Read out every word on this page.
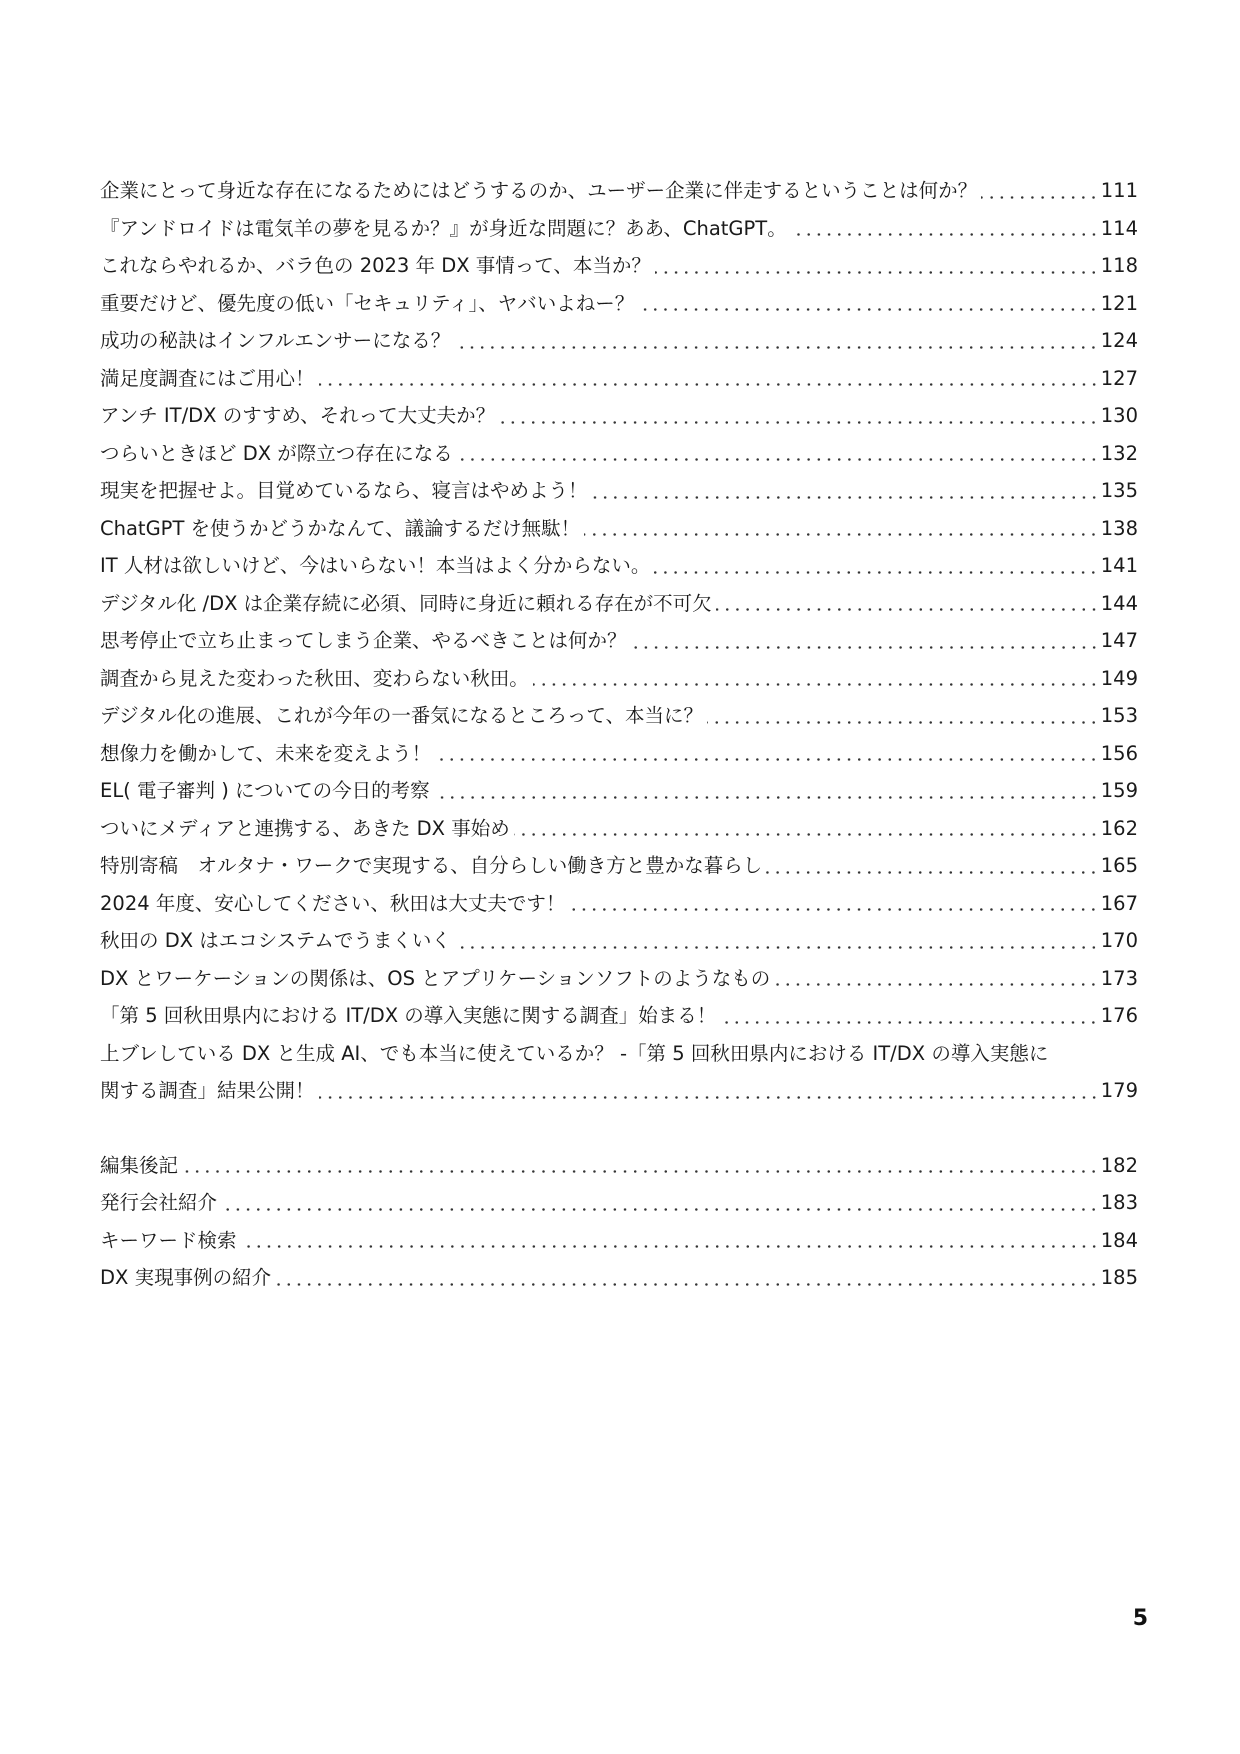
企業にとって身近な存在になるためにはどうするのか、ユーザー企業に伴走するということは何か？	111
『アンドロイドは電気羊の夢を見るか？』が身近な問題に？ああ、ChatGPT。	114
これならやれるか、バラ色の 2023 年 DX 事情って、本当か？	118
重要だけど、優先度の低い「セキュリティ」、ヤバいよねー？	121
成功の秘訣はインフルエンサーになる？	124
満足度調査にはご用心！	127
アンチ IT/DX のすすめ、それって大丈夫か？	130
つらいときほど DX が際立つ存在になる	132
現実を把握せよ。目覚めているなら、寝言はやめよう！	135
ChatGPT を使うかどうかなんて、議論するだけ無駄！	138
IT 人材は欲しいけど、今はいらない！本当はよく分からない。	141
デジタル化 /DX は企業存続に必須、同時に身近に頼れる存在が不可欠	144
思考停止で立ち止まってしまう企業、やるべきことは何か？	147
調査から見えた変わった秋田、変わらない秋田。	149
デジタル化の進展、これが今年の一番気になるところって、本当に？	153
想像力を働かして、未来を変えよう！	156
EL( 電子審判 ) についての今日的考察	159
ついにメディアと連携する、あきた DX 事始め	162
特別寄稿　オルタナ・ワークで実現する、自分らしい働き方と豊かな暮らし	165
2024 年度、安心してください、秋田は大丈夫です！	167
秋田の DX はエコシステムでうまくいく	170
DX とワーケーションの関係は、OS とアプリケーションソフトのようなもの	173
「第 5 回秋田県内における IT/DX の導入実態に関する調査」始まる！	176
上ブレしている DX と生成 AI、でも本当に使えているか？ -「第 5 回秋田県内における IT/DX の導入実態に
関する調査」結果公開！	179
編集後記	182
発行会社紹介	183
キーワード検索	184
DX 実現事例の紹介	185
5
